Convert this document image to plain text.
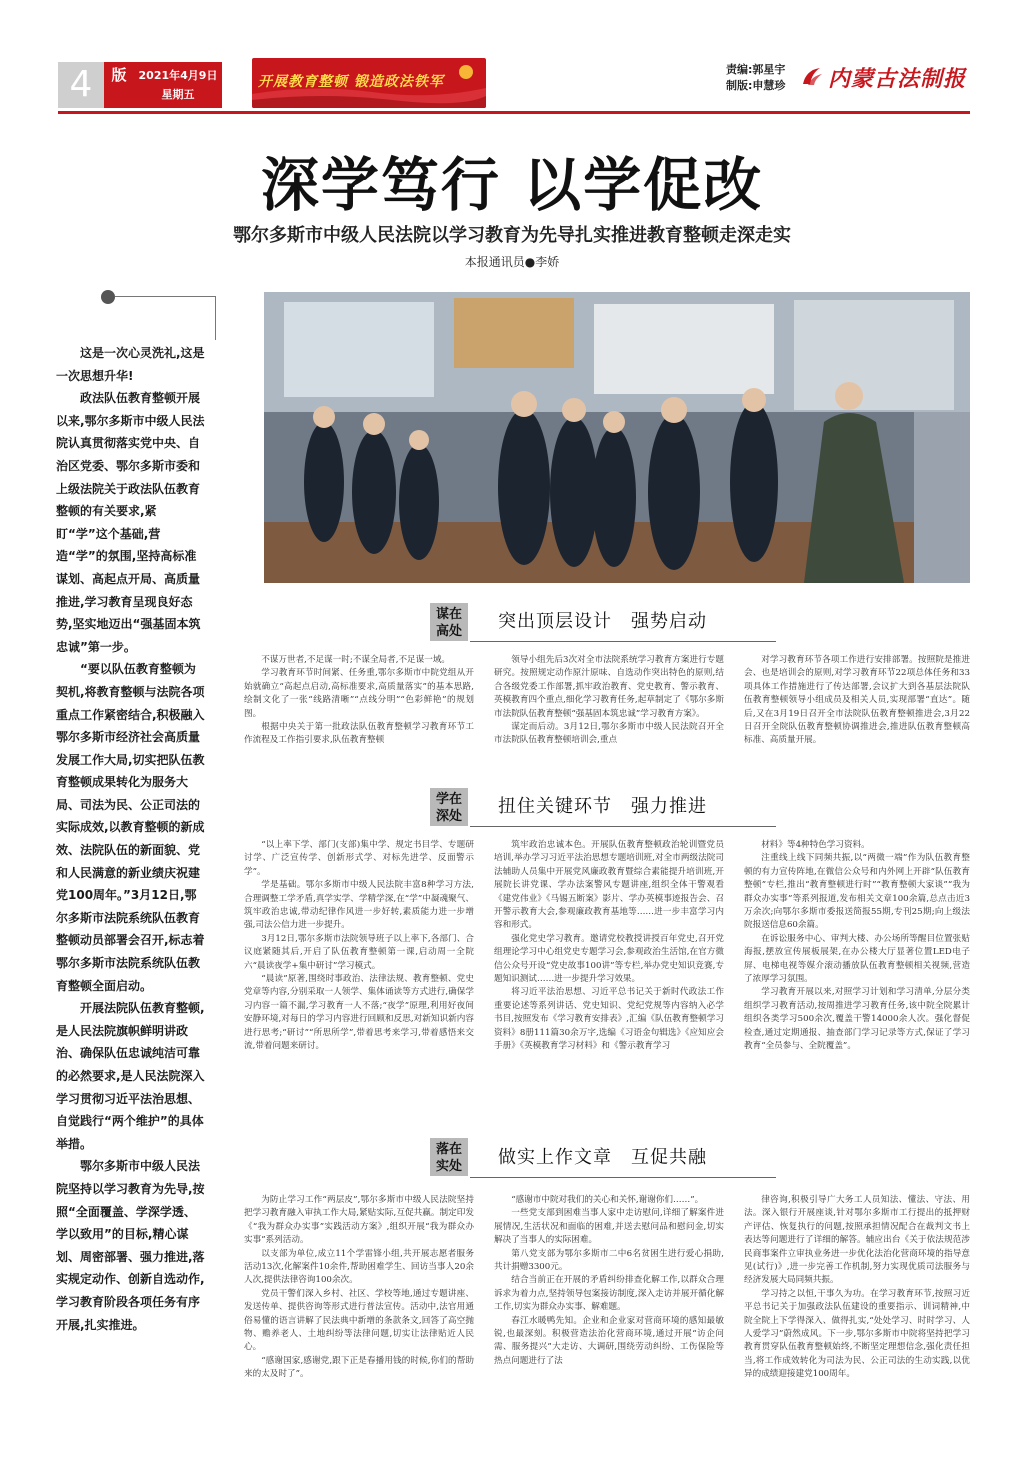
4	版	2021年4月9日
星期五
开展教育整顿 锻造政法铁军
责编:郭星宇
制版:申慧珍 内蒙古法制报
深学笃行 以学促改
鄂尔多斯市中级人民法院以学习教育为先导扎实推进教育整顿走深走实
本报通讯员●李娇

这是一次心灵洗礼,这是一次思想升华!

政法队伍教育整顿开展以来,鄂尔多斯市中级人民法院认真贯彻落实党中央、自治区党委、鄂尔多斯市委和上级法院关于政法队伍教育整顿的有关要求,紧盯“学”这个基础,营造“学”的氛围,坚持高标准谋划、高起点开局、高质量推进,学习教育呈现良好态势,坚实地迈出“强基固本筑忠诚”第一步。

“要以队伍教育整顿为契机,将教育整顿与法院各项重点工作紧密结合,积极融入鄂尔多斯市经济社会高质量发展工作大局,切实把队伍教育整顿成果转化为服务大局、司法为民、公正司法的实际成效,以教育整顿的新成效、法院队伍的新面貌、党和人民满意的新业绩庆祝建党100周年。”3月12日,鄂尔多斯市法院系统队伍教育整顿动员部署会召开,标志着鄂尔多斯市法院系统队伍教育整顿全面启动。

开展法院队伍教育整顿,是人民法院旗帜鲜明讲政治、确保队伍忠诚纯洁可靠的必然要求,是人民法院深入学习贯彻习近平法治思想、自觉践行“两个维护”的具体举措。

鄂尔多斯市中级人民法院坚持以学习教育为先导,按照“全面覆盖、学深学透、学以致用”的目标,精心谋划、周密部署、强力推进,落实规定动作、创新自选动作,学习教育阶段各项任务有序开展,扎实推进。

谋在
高处	突出顶层设计　强势启动

不谋万世者,不足谋一时;不谋全局者,不足谋一域。

学习教育环节时间紧、任务重,鄂尔多斯市中院党组从开始就确立“高起点启动,高标准要求,高质量落实”的基本思路,绘制文化了一张“线路清晰”“点线分明”“色彩鲜艳”的规划图。

根据中央关于第一批政法队伍教育整顿学习教育环节工作流程及工作指引要求,队伍教育整顿

领导小组先后3次对全市法院系统学习教育方案进行专题研究。按照规定动作原汁原味、自选动作突出特色的原则,结合各级党委工作部署,抓牢政治教育、党史教育、警示教育、英模教育四个重点,细化学习教育任务,起草制定了《鄂尔多斯市法院队伍教育整顿“强基固本筑忠诚”学习教育方案》。

谋定而后动。3月12日,鄂尔多斯市中级人民法院召开全市法院队伍教育整顿培训会,重点

对学习教育环节各项工作进行安排部署。按照院是推进会、也是培训会的原则,对学习教育环节22项总体任务和33项具体工作措施进行了传达部署,会议扩大到各基层法院队伍教育整顿领导小组成员及相关人员,实现部署“直达”。随后,又在3月19日召开全市法院队伍教育整顿推进会,3月22日召开全院队伍教育整顿协调推进会,推进队伍教育整顿高标准、高质量开展。

学在
深处	扭住关键环节　强力推进

“以上率下学、部门(支部)集中学、规定书目学、专题研讨学、广泛宣传学、创新形式学、对标先进学、反面警示学”。

学是基础。鄂尔多斯市中级人民法院丰富8种学习方法,合理调整工学矛盾,真学实学、学精学深,在“学”中凝魂聚气、筑牢政治忠诚,带动纪律作风进一步好转,素质能力进一步增强,司法公信力进一步提升。

3月12日,鄂尔多斯市法院领导班子以上率下,各部门、合议庭紧随其后,开启了队伍教育整顿第一课,启动周一全院六“晨读夜学+集中研讨”学习模式。

“晨读”原著,围绕时事政治、法律法规、教育整顿、党史党章等内容,分别采取一人领学、集体诵读等方式进行,确保学习内容一篇不漏,学习教育一人不落;“夜学”原理,利用好夜间安静环境,对每日的学习内容进行回顾和反思,对新知识新内容进行思考;“研讨”“所思所学”,带着思考来学习,带着感悟来交流,带着问题来研讨。

筑牢政治忠诚本色。开展队伍教育整顿政治轮训暨党员培训,举办学习习近平法治思想专题培训班,对全市两级法院司法辅助人员集中开展党风廉政教育暨综合素能提升培训班,开展院长讲党课、学办法案警风专题讲座,组织全体干警观看《建党伟业》《马锡五断案》影片、学办英模事迹报告会、召开警示教育大会,参观廉政教育基地等……进一步丰富学习内容和形式。

强化党史学习教育。邀请党校教授讲授百年党史,召开党组理论学习中心组党史专题学习会,参观政治生活馆,在官方微信公众号开设“党史故事100讲”等专栏,举办党史知识竞赛,专题知识测试……进一步提升学习效果。

将习近平法治思想、习近平总书记关于新时代政法工作重要论述等系列讲话、党史知识、党纪党规等内容纳入必学书目,按照发布《学习教育安排表》,汇编《队伍教育整顿学习资料》8册111篇30余万字,选编《习语金句辑选》《应知应会手册》《英模教育学习材料》和《警示教育学习

材料》等4种特色学习资料。

注重线上线下同频共振,以“两微一端”作为队伍教育整顿的有力宣传阵地,在微信公众号和内外网上开辟“队伍教育整顿”专栏,推出“教育整顿进行时”“教育整顿大家谈”“我为群众办实事”等系列报道,发布相关文章100余篇,总点击近3万余次;向鄂尔多斯市委报送简报55期,专刊25期;向上级法院报送信息60余篇。

在诉讼服务中心、审判大楼、办公场所等醒目位置张贴海报,摆放宣传展板展架,在办公楼大厅显著位置LED电子屏、电梯电视等媒介滚动播放队伍教育整顿相关视频,营造了浓厚学习氛围。

学习教育开展以来,对照学习计划和学习清单,分层分类组织学习教育活动,按周推进学习教育任务,该中院全院累计组织各类学习500余次,覆盖干警14000余人次。强化督促检查,通过定期通报、抽查部门学习记录等方式,保证了学习教育“全员参与、全院覆盖”。

落在
实处	做实上作文章　互促共融

为防止学习工作“两层皮”,鄂尔多斯市中级人民法院坚持把学习教育融入审执工作大局,紧贴实际,互促共赢。制定印发《“我为群众办实事”实践活动方案》,组织开展“我为群众办实事”系列活动。

以支部为单位,成立11个学雷锋小组,共开展志愿者服务活动13次,化解案件10余件,帮助困难学生、回访当事人20余人次,提供法律咨询100余次。

党员干警们深入乡村、社区、学校等地,通过专题讲座、发送传单、提供咨询等形式进行普法宣传。活动中,法官用通俗易懂的语言讲解了民法典中新增的条款条文,回答了高空抛物、赡养老人、土地纠纷等法律问题,切实让法律贴近人民心。

“感谢国家,感谢党,跟下正是春播用钱的时候,你们的帮助来的太及时了”。

“感谢市中院对我们的关心和关怀,谢谢你们……”。

一些党支部到困难当事人家中走访慰问,详细了解案件进展情况,生活状况和面临的困难,并送去慰问品和慰问金,切实解决了当事人的实际困难。

第八党支部为鄂尔多斯市二中6名贫困生进行爱心捐助,共计捐赠3300元。

结合当前正在开展的矛盾纠纷排查化解工作,以群众合理诉求为着力点,坚持领导包案接访制度,深入走访并展开循化解工作,切实为群众办实事、解难题。

春江水暖鸭先知。企业和企业家对营商环境的感知最敏锐,也最深刻。积极营造法治化营商环境,通过开展“访企问需、服务提兴”大走访、大调研,围绕劳动纠纷、工伤保险等热点问题进行了法

律咨询,积极引导广大务工人员知法、懂法、守法、用法。深入银行开展座谈,针对鄂尔多斯市工行提出的抵押财产评估、恢复执行的问题,按照承担情况配合在裁判文书上表达等问题进行了详细的解答。辅应出台《关于依法规范涉民商事案件立审执业务进一步优化法治化营商环境的指导意见(试行)》,进一步完善工作机制,努力实现优质司法服务与经济发展大局同频共振。

学习持之以恒,干事久为功。在学习教育环节,按照习近平总书记关于加强政法队伍建设的重要指示、训词精神,中院全院上下学得深入、做得扎实,“处处学习、时时学习、人人爱学习”蔚然成风。下一步,鄂尔多斯市中院将坚持把学习教育贯穿队伍教育整顿始终,不断坚定理想信念,强化责任担当,将工作成效转化为司法为民、公正司法的生动实践,以优异的成绩迎接建党100周年。
